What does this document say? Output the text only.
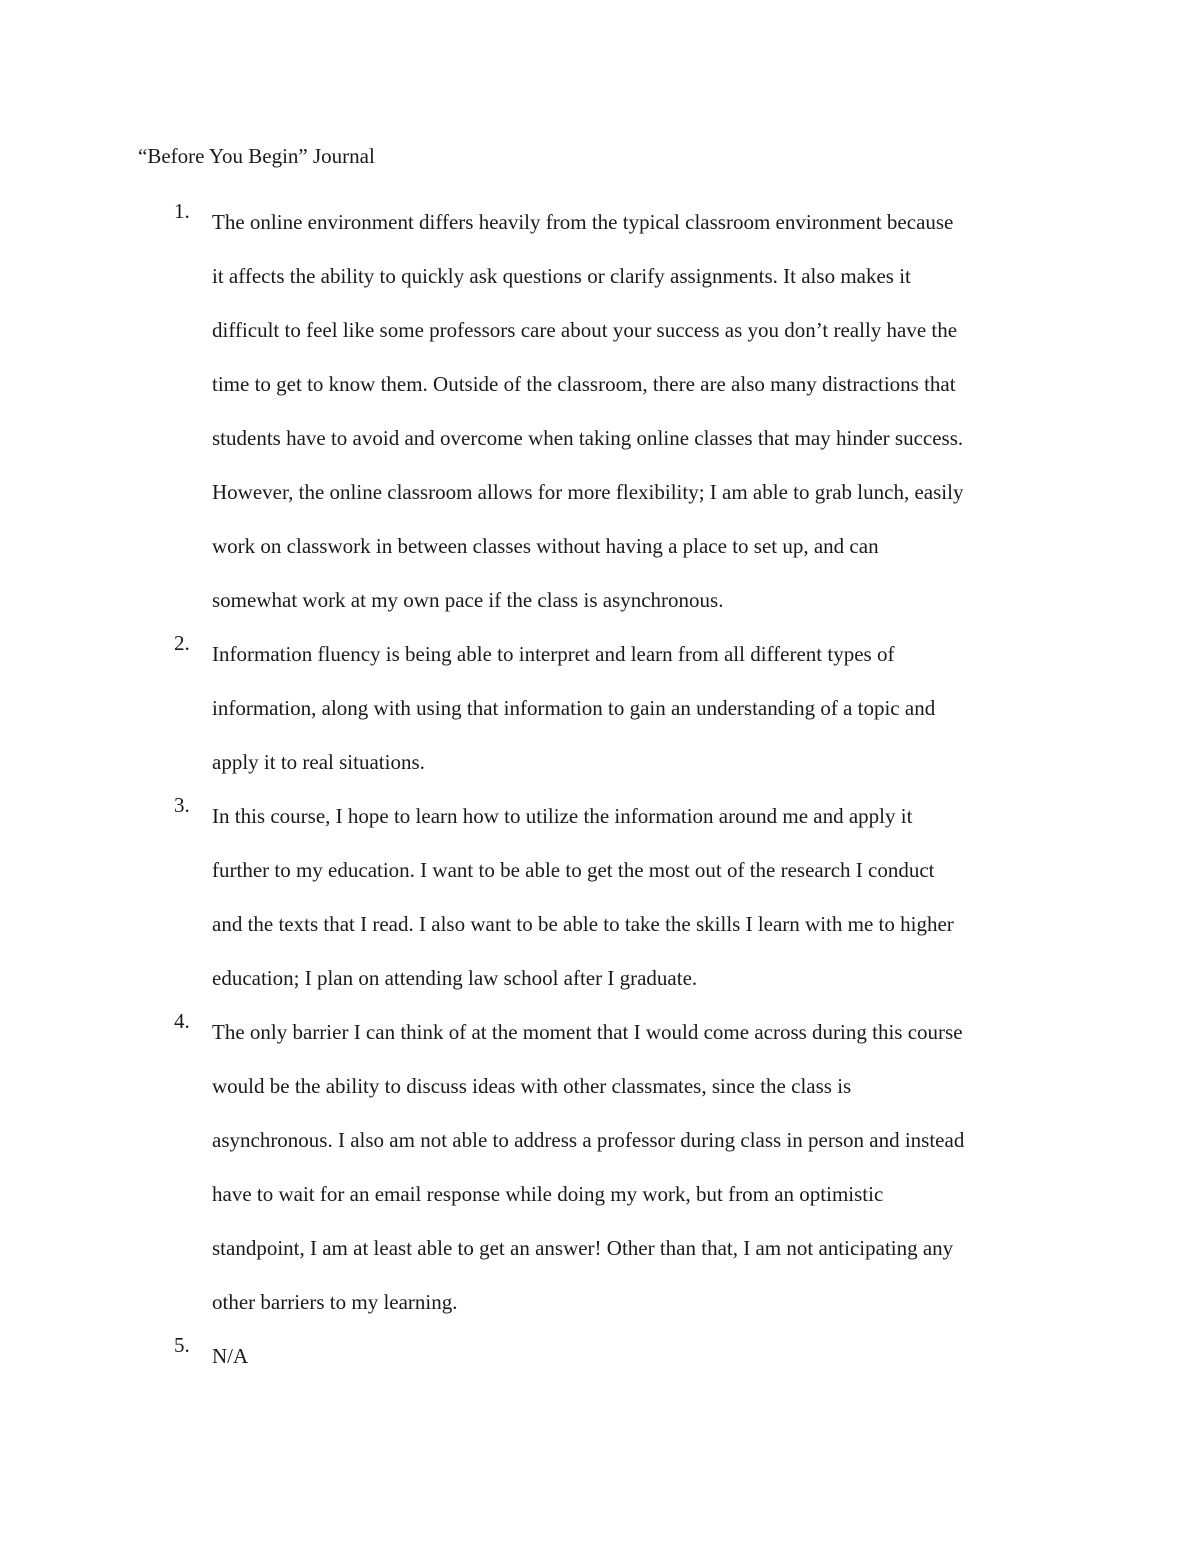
“Before You Begin” Journal
1.	The online environment differs heavily from the typical classroom environment because
it affects the ability to quickly ask questions or clarify assignments. It also makes it
difficult to feel like some professors care about your success as you don’t really have the
time to get to know them. Outside of the classroom, there are also many distractions that
students have to avoid and overcome when taking online classes that may hinder success.
However, the online classroom allows for more flexibility; I am able to grab lunch, easily
work on classwork in between classes without having a place to set up, and can
somewhat work at my own pace if the class is asynchronous.
2.	Information fluency is being able to interpret and learn from all different types of
information, along with using that information to gain an understanding of a topic and
apply it to real situations.
3.	In this course, I hope to learn how to utilize the information around me and apply it
further to my education. I want to be able to get the most out of the research I conduct
and the texts that I read. I also want to be able to take the skills I learn with me to higher
education; I plan on attending law school after I graduate.
4.	The only barrier I can think of at the moment that I would come across during this course
would be the ability to discuss ideas with other classmates, since the class is
asynchronous. I also am not able to address a professor during class in person and instead
have to wait for an email response while doing my work, but from an optimistic
standpoint, I am at least able to get an answer! Other than that, I am not anticipating any
other barriers to my learning.
5.	N/A
